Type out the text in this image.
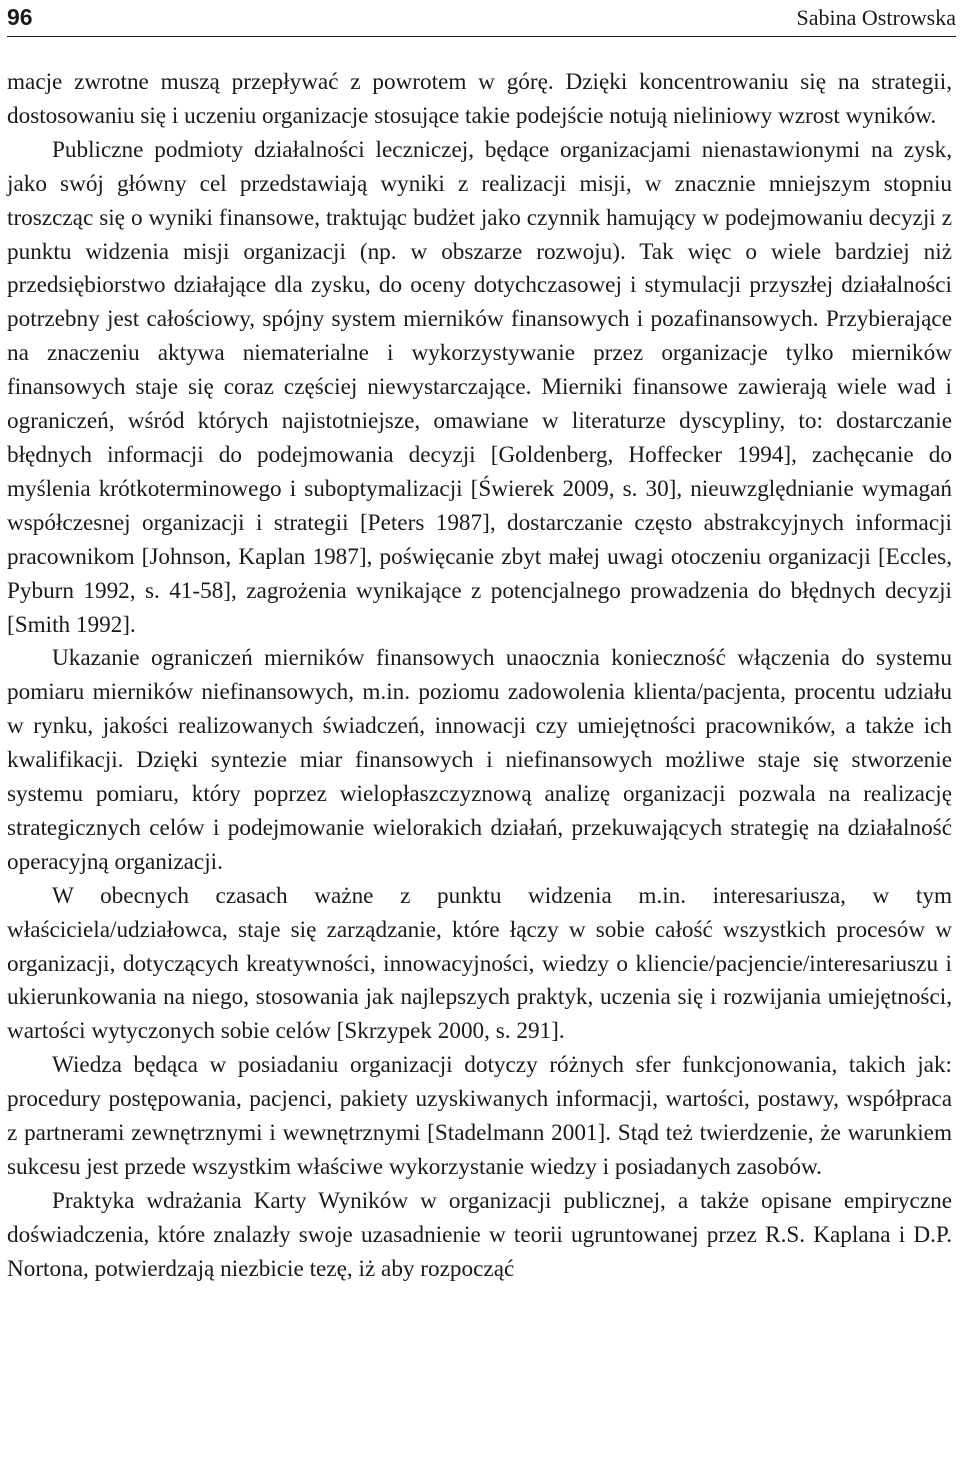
96	Sabina Ostrowska

macje zwrotne muszą przepływać z powrotem w górę. Dzięki koncentrowaniu się na strategii, dostosowaniu się i uczeniu organizacje stosujące takie podejście notują nieliniowy wzrost wyników.

Publiczne podmioty działalności leczniczej, będące organizacjami nienastawionymi na zysk, jako swój główny cel przedstawiają wyniki z realizacji misji, w znacznie mniejszym stopniu troszcząc się o wyniki finansowe, traktując budżet jako czynnik hamujący w podejmowaniu decyzji z punktu widzenia misji organizacji (np. w obszarze rozwoju). Tak więc o wiele bardziej niż przedsiębiorstwo działające dla zysku, do oceny dotychczasowej i stymulacji przyszłej działalności potrzebny jest całościowy, spójny system mierników finansowych i pozafinansowych. Przybierające na znaczeniu aktywa niematerialne i wykorzystywanie przez organizacje tylko mierników finansowych staje się coraz częściej niewystarczające. Mierniki finansowe zawierają wiele wad i ograniczeń, wśród których najistotniejsze, omawiane w literaturze dyscypliny, to: dostarczanie błędnych informacji do podejmowania decyzji [Goldenberg, Hoffecker 1994], zachęcanie do myślenia krótkoterminowego i suboptymalizacji [Świerek 2009, s. 30], nieuwzględnianie wymagań współczesnej organizacji i strategii [Peters 1987], dostarczanie często abstrakcyjnych informacji pracownikom [Johnson, Kaplan 1987], poświęcanie zbyt małej uwagi otoczeniu organizacji [Eccles, Pyburn 1992, s. 41-58], zagrożenia wynikające z potencjalnego prowadzenia do błędnych decyzji [Smith 1992].

Ukazanie ograniczeń mierników finansowych unaocznia konieczność włączenia do systemu pomiaru mierników niefinansowych, m.in. poziomu zadowolenia klienta/pacjenta, procentu udziału w rynku, jakości realizowanych świadczeń, innowacji czy umiejętności pracowników, a także ich kwalifikacji. Dzięki syntezie miar finansowych i niefinansowych możliwe staje się stworzenie systemu pomiaru, który poprzez wielopłaszczyznową analizę organizacji pozwala na realizację strategicznych celów i podejmowanie wielorakich działań, przekuwających strategię na działalność operacyjną organizacji.

W obecnych czasach ważne z punktu widzenia m.in. interesariusza, w tym właściciela/udziałowca, staje się zarządzanie, które łączy w sobie całość wszystkich procesów w organizacji, dotyczących kreatywności, innowacyjności, wiedzy o kliencie/pacjencie/interesariuszu i ukierunkowania na niego, stosowania jak najlepszych praktyk, uczenia się i rozwijania umiejętności, wartości wytyczonych sobie celów [Skrzypek 2000, s. 291].

Wiedza będąca w posiadaniu organizacji dotyczy różnych sfer funkcjonowania, takich jak: procedury postępowania, pacjenci, pakiety uzyskiwanych informacji, wartości, postawy, współpraca z partnerami zewnętrznymi i wewnętrznymi [Stadelmann 2001]. Stąd też twierdzenie, że warunkiem sukcesu jest przede wszystkim właściwe wykorzystanie wiedzy i posiadanych zasobów.

Praktyka wdrażania Karty Wyników w organizacji publicznej, a także opisane empiryczne doświadczenia, które znalazły swoje uzasadnienie w teorii ugruntowanej przez R.S. Kaplana i D.P. Nortona, potwierdzają niezbicie tezę, iż aby rozpocząć
